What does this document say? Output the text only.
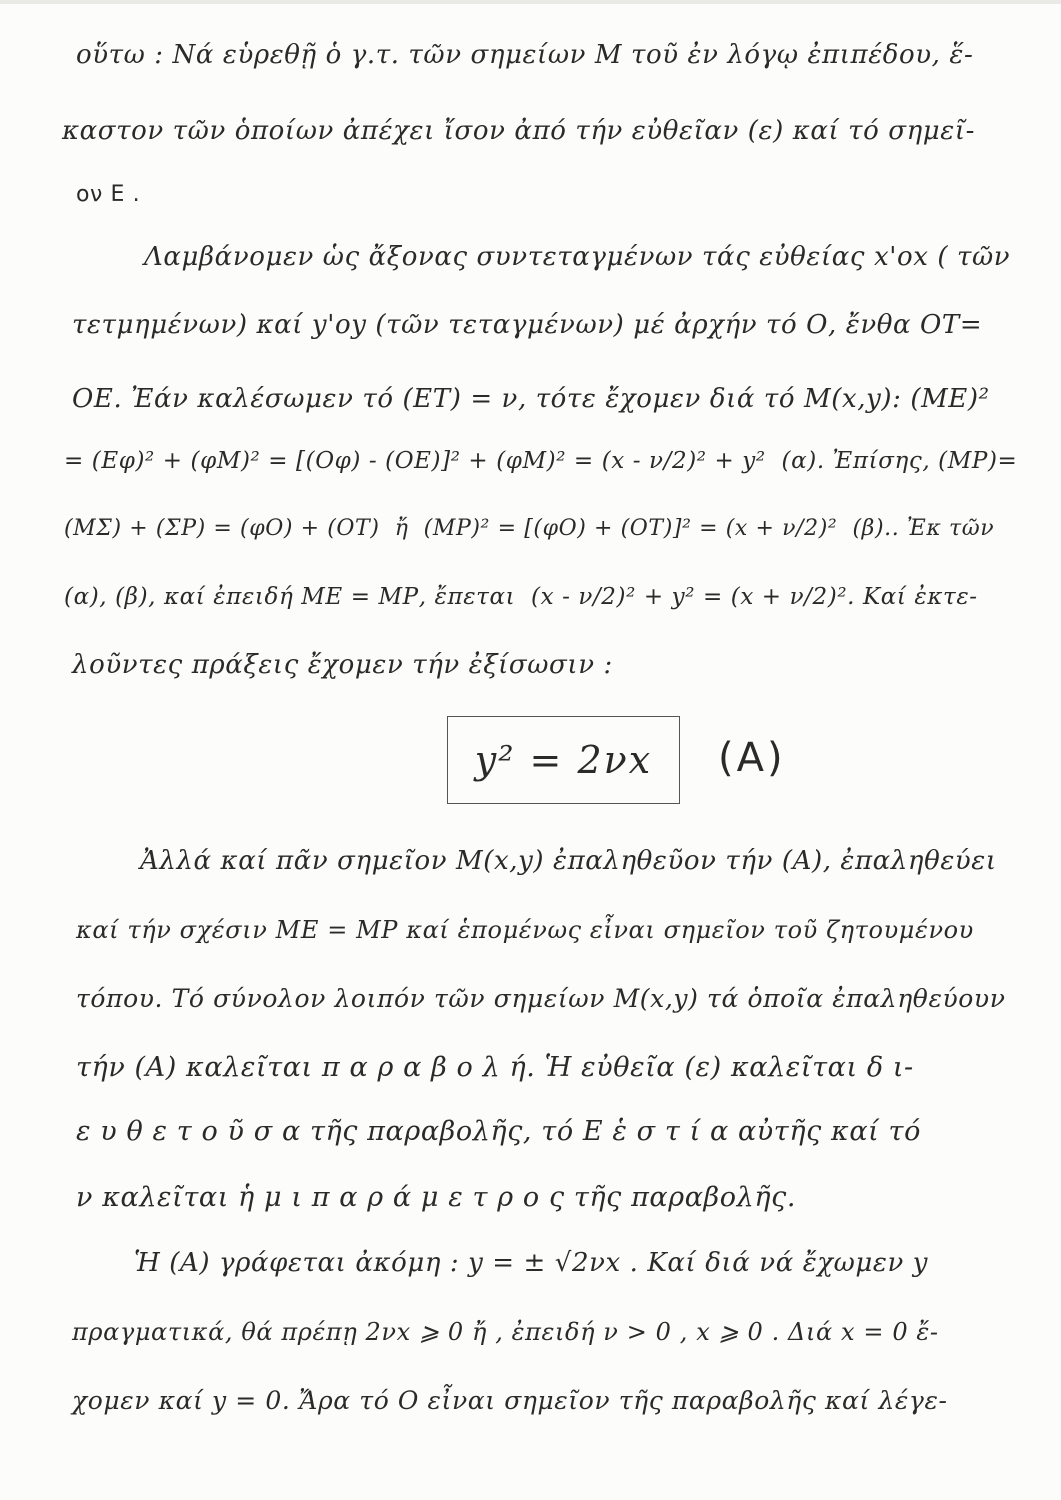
οὕτω : Νά εὑρεθῇ ὁ γ.τ. τῶν σημείων Μ τοῦ ἐν λόγῳ ἐπιπέδου, ἕ-
καστον τῶν ὁποίων ἀπέχει ἴσον ἀπό τήν εὐθεῖαν (ε) καί τό σημεῖ-
ον Ε .
Λαμβάνομεν ὡς ἄξονας συντεταγμένων τάς εὐθείας x'οx ( τῶν
τετμημένων) καί y'οy (τῶν τεταγμένων) μέ ἀρχήν τό Ο, ἔνθα ΟΤ=
ΟΕ. Ἐάν καλέσωμεν τό (ΕΤ) = ν, τότε ἔχομεν διά τό Μ(x,y): (ΜΕ)²
= (Εφ)² + (φΜ)² = [(Οφ) - (ΟΕ)]² + (φΜ)² = (x - ν/2)² + y²  (α). Ἐπίσης, (ΜΡ)=
(ΜΣ) + (ΣΡ) = (φΟ) + (ΟΤ)  ἤ  (ΜΡ)² = [(φΟ) + (ΟΤ)]² = (x + ν/2)²  (β).. Ἐκ τῶν
(α), (β), καί ἐπειδή ΜΕ = ΜΡ, ἔπεται  (x - ν/2)² + y² = (x + ν/2)². Καί ἐκτε-
λοῦντες πράξεις ἔχομεν τήν ἐξίσωσιν :
y² = 2νx (Α)
Ἀλλά καί πᾶν σημεῖον Μ(x,y) ἐπαληθεῦον τήν (Α), ἐπαληθεύει
καί τήν σχέσιν ΜΕ = ΜΡ καί ἑπομένως εἶναι σημεῖον τοῦ ζητουμένου
τόπου. Τό σύνολον λοιπόν τῶν σημείων Μ(x,y) τά ὁποῖα ἐπαληθεύουν
τήν (Α) καλεῖται π α ρ α β ο λ ή. Ἡ εὐθεῖα (ε) καλεῖται δ ι-
ε υ θ ε τ ο ῦ σ α τῆς παραβολῆς, τό Ε ἑ σ τ ί α αὐτῆς καί τό
ν καλεῖται ἡ μ ι π α ρ ά μ ε τ ρ ο ς τῆς παραβολῆς.
Ἡ (Α) γράφεται ἀκόμη : y = ± √2νx . Καί διά νά ἔχωμεν y
πραγματικά, θά πρέπῃ 2νx ⩾ 0 ἤ , ἐπειδή ν > 0 , x ⩾ 0 . Διά x = 0 ἔ-
χομεν καί y = 0. Ἄρα τό Ο εἶναι σημεῖον τῆς παραβολῆς καί λέγε-
